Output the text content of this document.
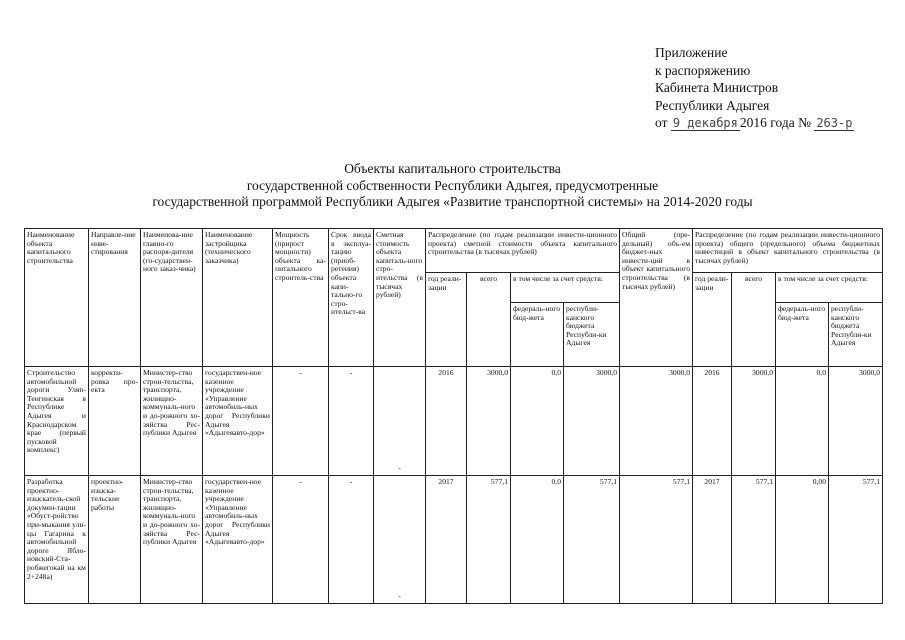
Приложение
к распоряжению
Кабинета Министров
Республики Адыгея
от 9 декабря 2016 года № 263-р
Объекты капитального строительства
государственной собственности Республики Адыгея, предусмотренные
государственной программой Республики Адыгея «Развитие транспортной системы» на 2014-2020 годы
Наименование объекта капитального строительства	Направле-ние инве-стирования	Наименова-ние главно-го распоря-дителя (го-сударствен-ного заказ-чика)	Наименование застройщика (технического заказчика)	Мощность (прирост мощности) объекта ка-питального строитель-ства	Срок ввода в эксплуа-тацию (приоб-ретения) объекта капи-тально-го стро-ительст-ва	Сметная стоимость объекта капиталь-ного стро-ительства (в тысячах рублей)	Распределение (по годам реализации инвести-ционного проекта) сметной стоимости объекта капитального строительства (в тысячах рублей)				Общий (пре-дельный) объ-ем бюджет-ных инвести-ций в объект капитального строительства (в тысячах рублей)	Распределение (по годам реализации инвести-ционного проекта) общего (предельного) объема бюджетных инвестиций в объект капитального строительства (в тысячах рублей)			
							год реали-зации	всего	в том числе за счет средств:			год реали-зации	всего	в том числе за счет средств:	
									федераль-ного бюд-жета	республи-канского бюджета Республи-ки Адыгея				федераль-ного бюд-жета	республи-канского бюджета Республи-ки Адыгея
Строительство автомобильной дороги Уляп-Тенгинская в Республике Адыгея и Краснодарском крае (первый пусковой комплекс)	корректи-ровка про-екта	Министер-ство строи-тельства, транспорта, жилищно-коммуналь-ного и до-рожного хо-зяйства Рес-публики Адыгея	государствен-ное казенное учреждение «Управление автомобиль-ных дорог Республики Адыгея «Адыгеяавто-дор»	-	-	-	2016	3000,0	0,0	3000,0	3000,0	2016	3000,0	0,0	3000,0
Разработка проектно-изыскатель-ской докумен-тации «Обуст-ройство при-мыкания ули-цы Гагарина к автомобильной дороге Ябло-новский-Ста-робжегокай на км 2+248а)	проектно-изыска-тельские работы	Министер-ство строи-тельства, транспорта, жилищно-коммуналь-ного и до-рожного хо-зяйства Рес-публики Адыгея	государствен-ное казенное учреждение «Управление автомобиль-ных дорог Республики Адыгея «Адыгеяавто-дор»	-	-	-	2017	577,1	0,0	577,1	577,1	2017	577,1	0,00	577,1
